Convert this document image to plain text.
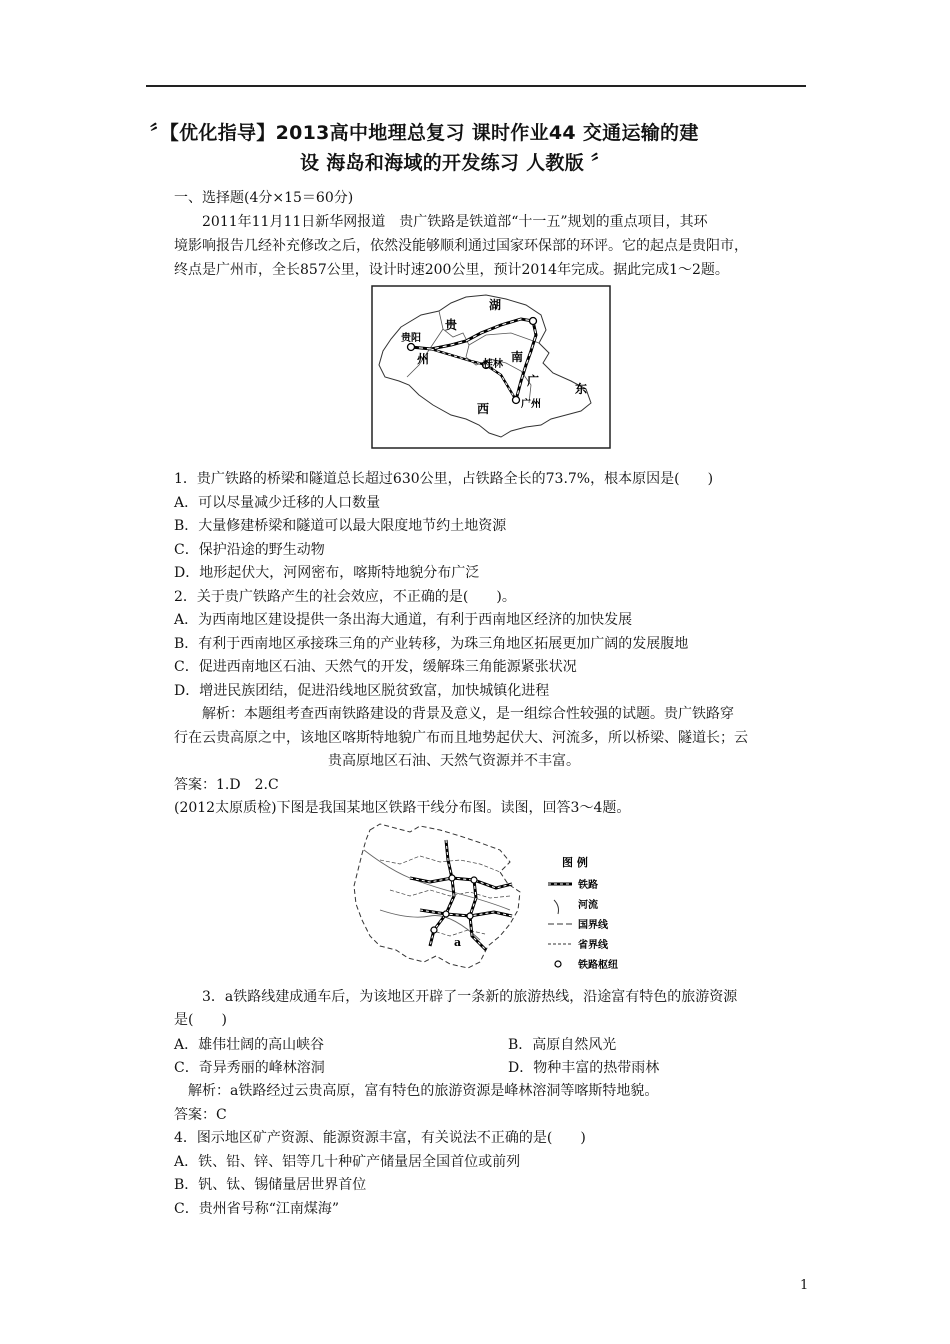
〞【优化指导】2013高中地理总复习 课时作业44 交通运输的建
设 海岛和海域的开发练习 人教版 〞
一、选择题(4分×15＝60分)
2011年11月11日新华网报道　贵广铁路是铁道部“十一五”规划的重点项目，其环
境影响报告几经补充修改之后，依然没能够顺利通过国家环保部的环评。它的起点是贵阳市，
终点是广州市，全长857公里，设计时速200公里，预计2014年完成。据此完成1～2题。
湖
贵
贵阳
州	南
桂林
广
东
广州
西
1．贵广铁路的桥梁和隧道总长超过630公里，占铁路全长的73.7%，根本原因是(　　)
A．可以尽量减少迁移的人口数量
B．大量修建桥梁和隧道可以最大限度地节约土地资源
C．保护沿途的野生动物
D．地形起伏大，河网密布，喀斯特地貌分布广泛
2．关于贵广铁路产生的社会效应，不正确的是(　　)。
A．为西南地区建设提供一条出海大通道，有利于西南地区经济的加快发展
B．有利于西南地区承接珠三角的产业转移，为珠三角地区拓展更加广阔的发展腹地
C．促进西南地区石油、天然气的开发，缓解珠三角能源紧张状况
D．增进民族团结，促进沿线地区脱贫致富，加快城镇化进程
解析：本题组考查西南铁路建设的背景及意义，是一组综合性较强的试题。贵广铁路穿
行在云贵高原之中，该地区喀斯特地貌广布而且地势起伏大、河流多，所以桥梁、隧道长；云
贵高原地区石油、天然气资源并不丰富。
答案：1.D　2.C
(2012太原质检)下图是我国某地区铁路干线分布图。读图，回答3～4题。
a
图 例
铁路
河流
国界线
省界线
铁路枢纽
3．a铁路线建成通车后，为该地区开辟了一条新的旅游热线，沿途富有特色的旅游资源
是(　　)
A．雄伟壮阔的高山峡谷	B．高原自然风光
C．奇异秀丽的峰林溶洞	D．物种丰富的热带雨林
解析：a铁路经过云贵高原，富有特色的旅游资源是峰林溶洞等喀斯特地貌。
答案：C
4．图示地区矿产资源、能源资源丰富，有关说法不正确的是(　　)
A．铁、铅、锌、铝等几十种矿产储量居全国首位或前列
B．钒、钛、锡储量居世界首位
C．贵州省号称“江南煤海”
1
